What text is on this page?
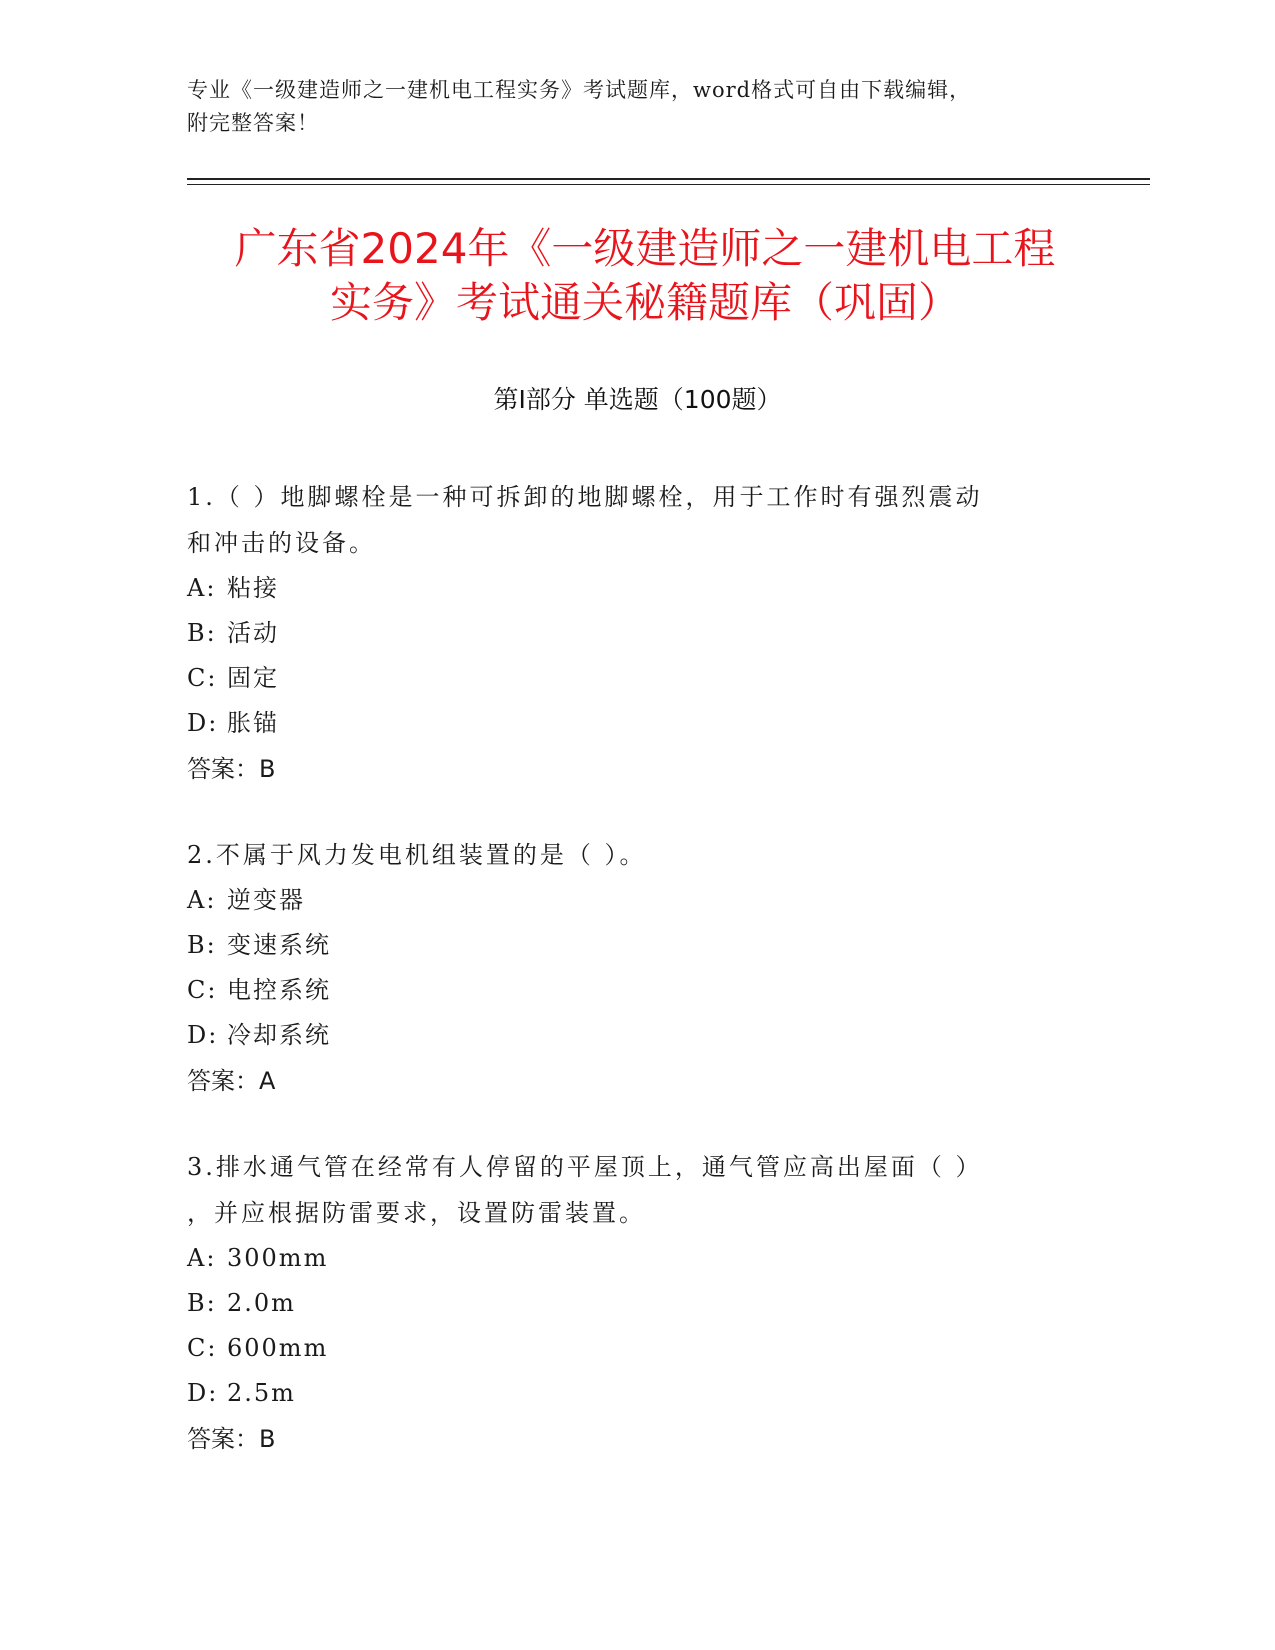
专业《一级建造师之一建机电工程实务》考试题库，word格式可自由下载编辑，
附完整答案！
广东省2024年《一级建造师之一建机电工程
实务》考试通关秘籍题库（巩固）
第Ⅰ部分 单选题（100题）

1.（ ）地脚螺栓是一种可拆卸的地脚螺栓，用于工作时有强烈震动

和冲击的设备。

A: 粘接

B: 活动

C: 固定

D: 胀锚

答案：B

2.不属于风力发电机组装置的是（ ）。

A: 逆变器

B: 变速系统

C: 电控系统

D: 冷却系统

答案：A

3.排水通气管在经常有人停留的平屋顶上，通气管应高出屋面（ ）

，并应根据防雷要求，设置防雷装置。

A: 300mm

B: 2.0m

C: 600mm

D: 2.5m

答案：B
